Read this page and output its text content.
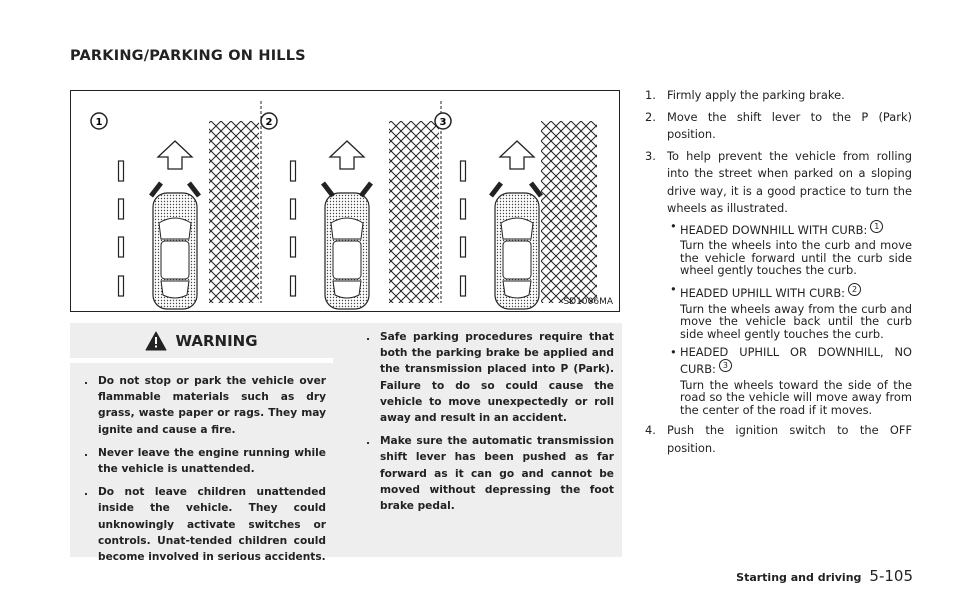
PARKING/PARKING ON HILLS
1	2	3
SD1006MA
WARNING
. Do not stop or park the vehicle over flammable materials such as dry grass, waste paper or rags. They may ignite and cause a fire.
. Never leave the engine running while the vehicle is unattended.
. Do not leave children unattended inside the vehicle. They could unknowingly activate switches or controls. Unat-tended children could become involved in serious accidents.
. Safe parking procedures require that both the parking brake be applied and the transmission placed into P (Park). Failure to do so could cause the vehicle to move unexpectedly or roll away and result in an accident.
. Make sure the automatic transmission shift lever has been pushed as far forward as it can go and cannot be moved without depressing the foot brake pedal.
1. Firmly apply the parking brake.
2. Move the shift lever to the P (Park) position.
3. To help prevent the vehicle from rolling into the street when parked on a sloping drive way, it is a good practice to turn the wheels as illustrated.
• HEADED DOWNHILL WITH CURB: 1
Turn the wheels into the curb and move the vehicle forward until the curb side wheel gently touches the curb.
• HEADED UPHILL WITH CURB: 2
Turn the wheels away from the curb and move the vehicle back until the curb side wheel gently touches the curb.
• HEADED UPHILL OR DOWNHILL, NO CURB: 3
Turn the wheels toward the side of the road so the vehicle will move away from the center of the road if it moves.
4. Push the ignition switch to the OFF position.
Starting and driving 5-105
